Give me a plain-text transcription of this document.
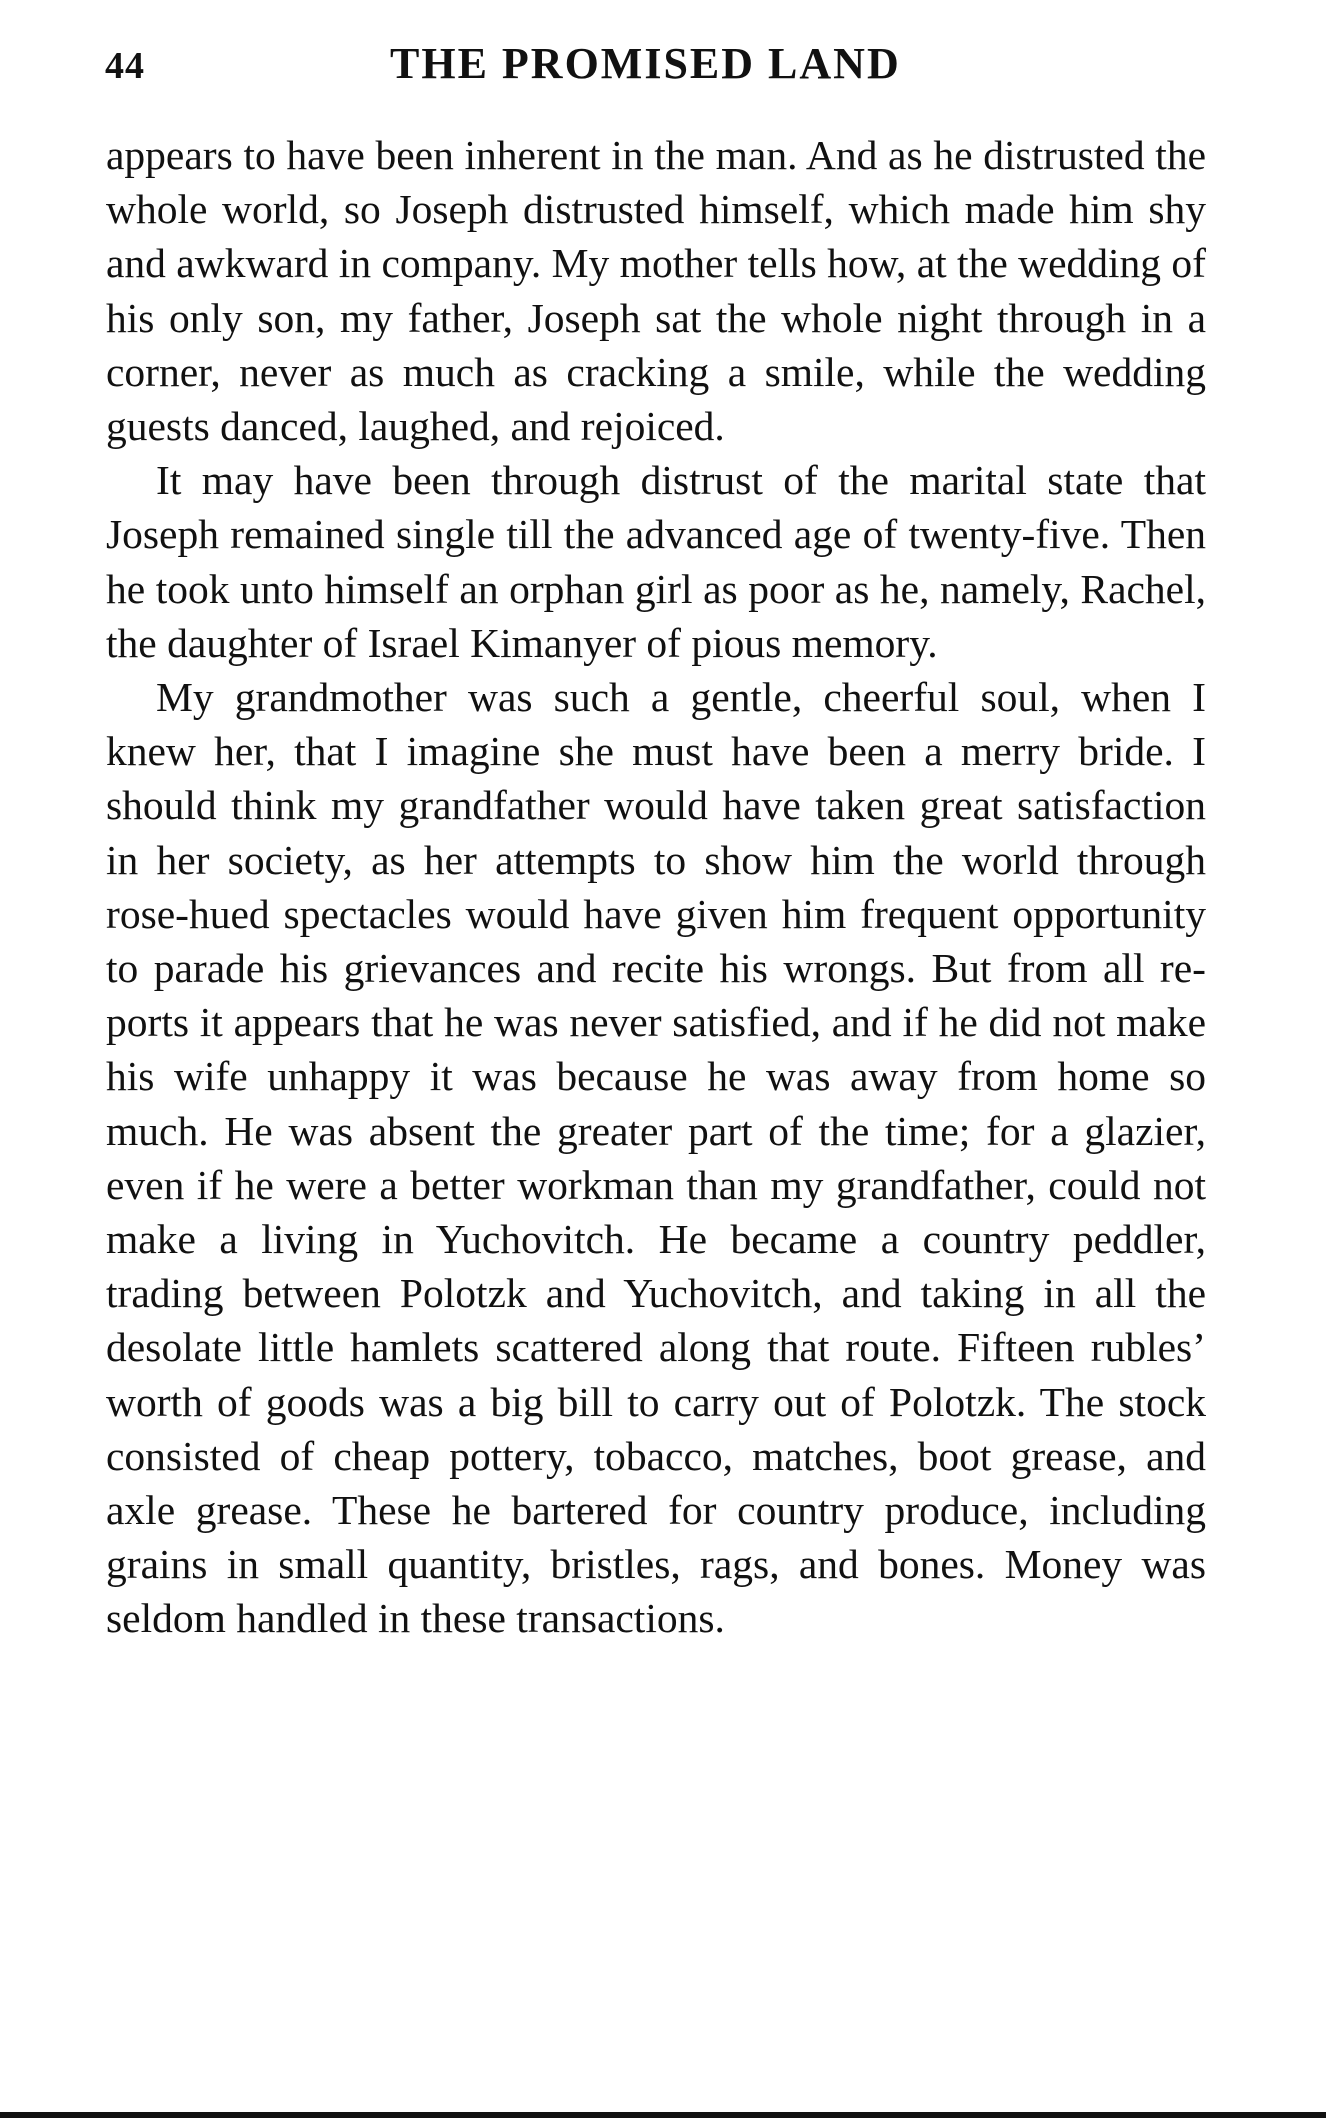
44	THE PROMISED LAND

appears to have been inherent in the man. And as he distrusted the whole world, so Joseph distrusted himself, which made him shy and awkward in company. My mother tells how, at the wedding of his only son, my father, Joseph sat the whole night through in a corner, never as much as cracking a smile, while the wedding guests danced, laughed, and rejoiced.

It may have been through distrust of the marital state that Joseph remained single till the advanced age of twenty-five. Then he took unto himself an orphan girl as poor as he, namely, Rachel, the daughter of Israel Kimanyer of pious memory.

My grandmother was such a gentle, cheerful soul, when I knew her, that I imagine she must have been a merry bride. I should think my grandfather would have taken great satisfaction in her society, as her attempts to show him the world through rose-hued spectacles would have given him frequent opportunity to parade his grievances and recite his wrongs. But from all reports it appears that he was never satisfied, and if he did not make his wife unhappy it was because he was away from home so much. He was absent the greater part of the time; for a glazier, even if he were a better workman than my grandfather, could not make a living in Yuchovitch. He became a country peddler, trading between Polotzk and Yuchovitch, and taking in all the desolate little hamlets scattered along that route. Fifteen rubles’ worth of goods was a big bill to carry out of Polotzk. The stock consisted of cheap pottery, tobacco, matches, boot grease, and axle grease. These he bartered for country produce, including grains in small quantity, bristles, rags, and bones. Money was seldom handled in these transactions.
